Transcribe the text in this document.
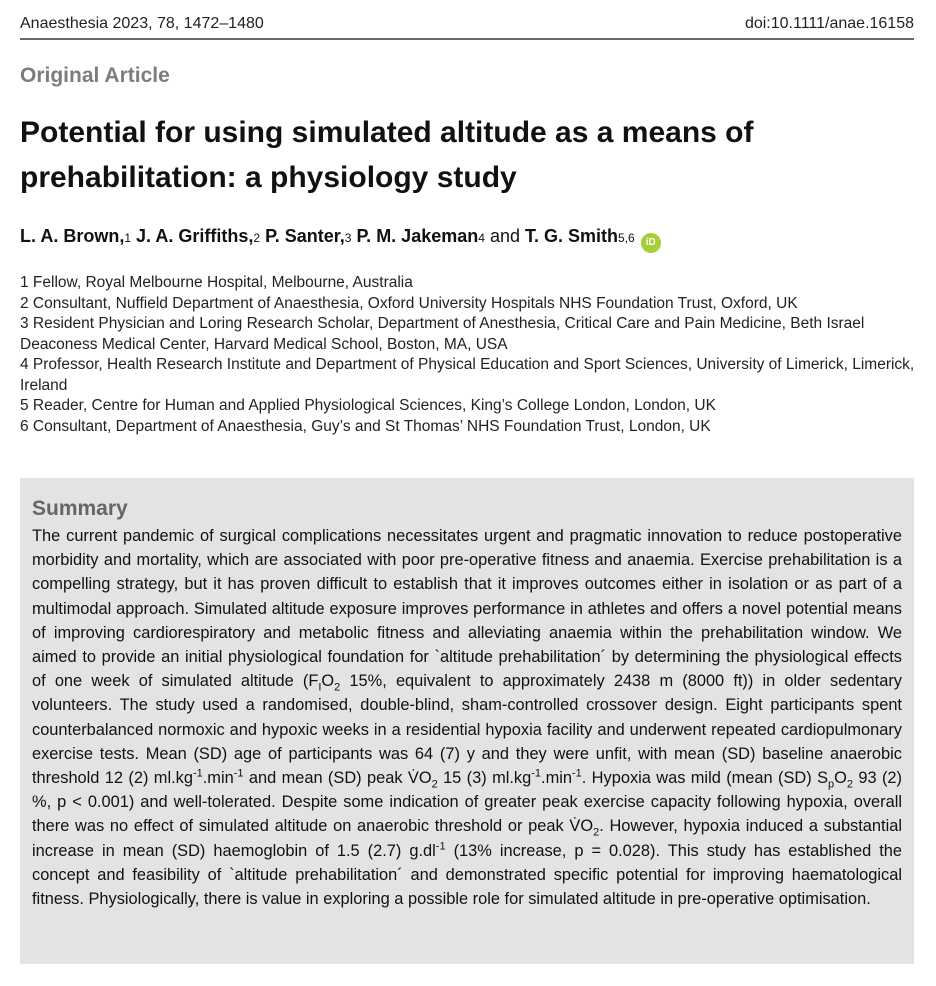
Anaesthesia 2023, 78, 1472–1480	doi:10.1111/anae.16158
Original Article
Potential for using simulated altitude as a means of prehabilitation: a physiology study
L. A. Brown, 1
J. A. Griffiths, 2
P. Santer, 3
P. M. Jakeman 4
and
T. G. Smith 5,6	iD

1 Fellow, Royal Melbourne Hospital, Melbourne, Australia

2 Consultant, Nuffield Department of Anaesthesia, Oxford University Hospitals NHS Foundation Trust, Oxford, UK

3 Resident Physician and Loring Research Scholar, Department of Anesthesia, Critical Care and Pain Medicine, Beth Israel Deaconess Medical Center, Harvard Medical School, Boston, MA, USA

4 Professor, Health Research Institute and Department of Physical Education and Sport Sciences, University of Limerick, Limerick, Ireland

5 Reader, Centre for Human and Applied Physiological Sciences, King’s College London, London, UK

6 Consultant, Department of Anaesthesia, Guy’s and St Thomas’ NHS Foundation Trust, London, UK

Summary

The current pandemic of surgical complications necessitates urgent and pragmatic innovation to reduce postoperative morbidity and mortality, which are associated with poor pre-operative fitness and anaemia. Exercise prehabilitation is a compelling strategy, but it has proven difficult to establish that it improves outcomes either in isolation or as part of a multimodal approach. Simulated altitude exposure improves performance in athletes and offers a novel potential means of improving cardiorespiratory and metabolic fitness and alleviating anaemia within the prehabilitation window. We aimed to provide an initial physiological foundation for `altitude prehabilitation´ by determining the physiological effects of one week of simulated altitude ($F_IO_2$ 15%, equivalent to approximately 2438 m (8000 ft)) in older sedentary volunteers. The study used a randomised, double-blind, sham-controlled crossover design. Eight participants spent counterbalanced normoxic and hypoxic weeks in a residential hypoxia facility and underwent repeated cardiopulmonary exercise tests. Mean (SD) age of participants was 64 (7) y and they were unfit, with mean (SD) baseline anaerobic threshold 12 (2) $ml.kg^{-1}.\min^{-1}$ and mean (SD) peak $V̇O_2$ 15 (3) $ml.kg^{-1}.\min^{-1}$. Hypoxia was mild (mean (SD) $S_pO_2$ 93 (2) %, p < 0.001) and well-tolerated. Despite some indication of greater peak exercise capacity following hypoxia, overall there was no effect of simulated altitude on anaerobic threshold or peak $V̇O_2$. However, hypoxia induced a substantial increase in mean (SD) haemoglobin of 1.5 (2.7) $g.dl^{-1}$ (13% increase, p = 0.028). This study has established the concept and feasibility of `altitude prehabilitation´ and demonstrated specific potential for improving haematological fitness. Physiologically, there is value in exploring a possible role for simulated altitude in pre-operative optimisation.
